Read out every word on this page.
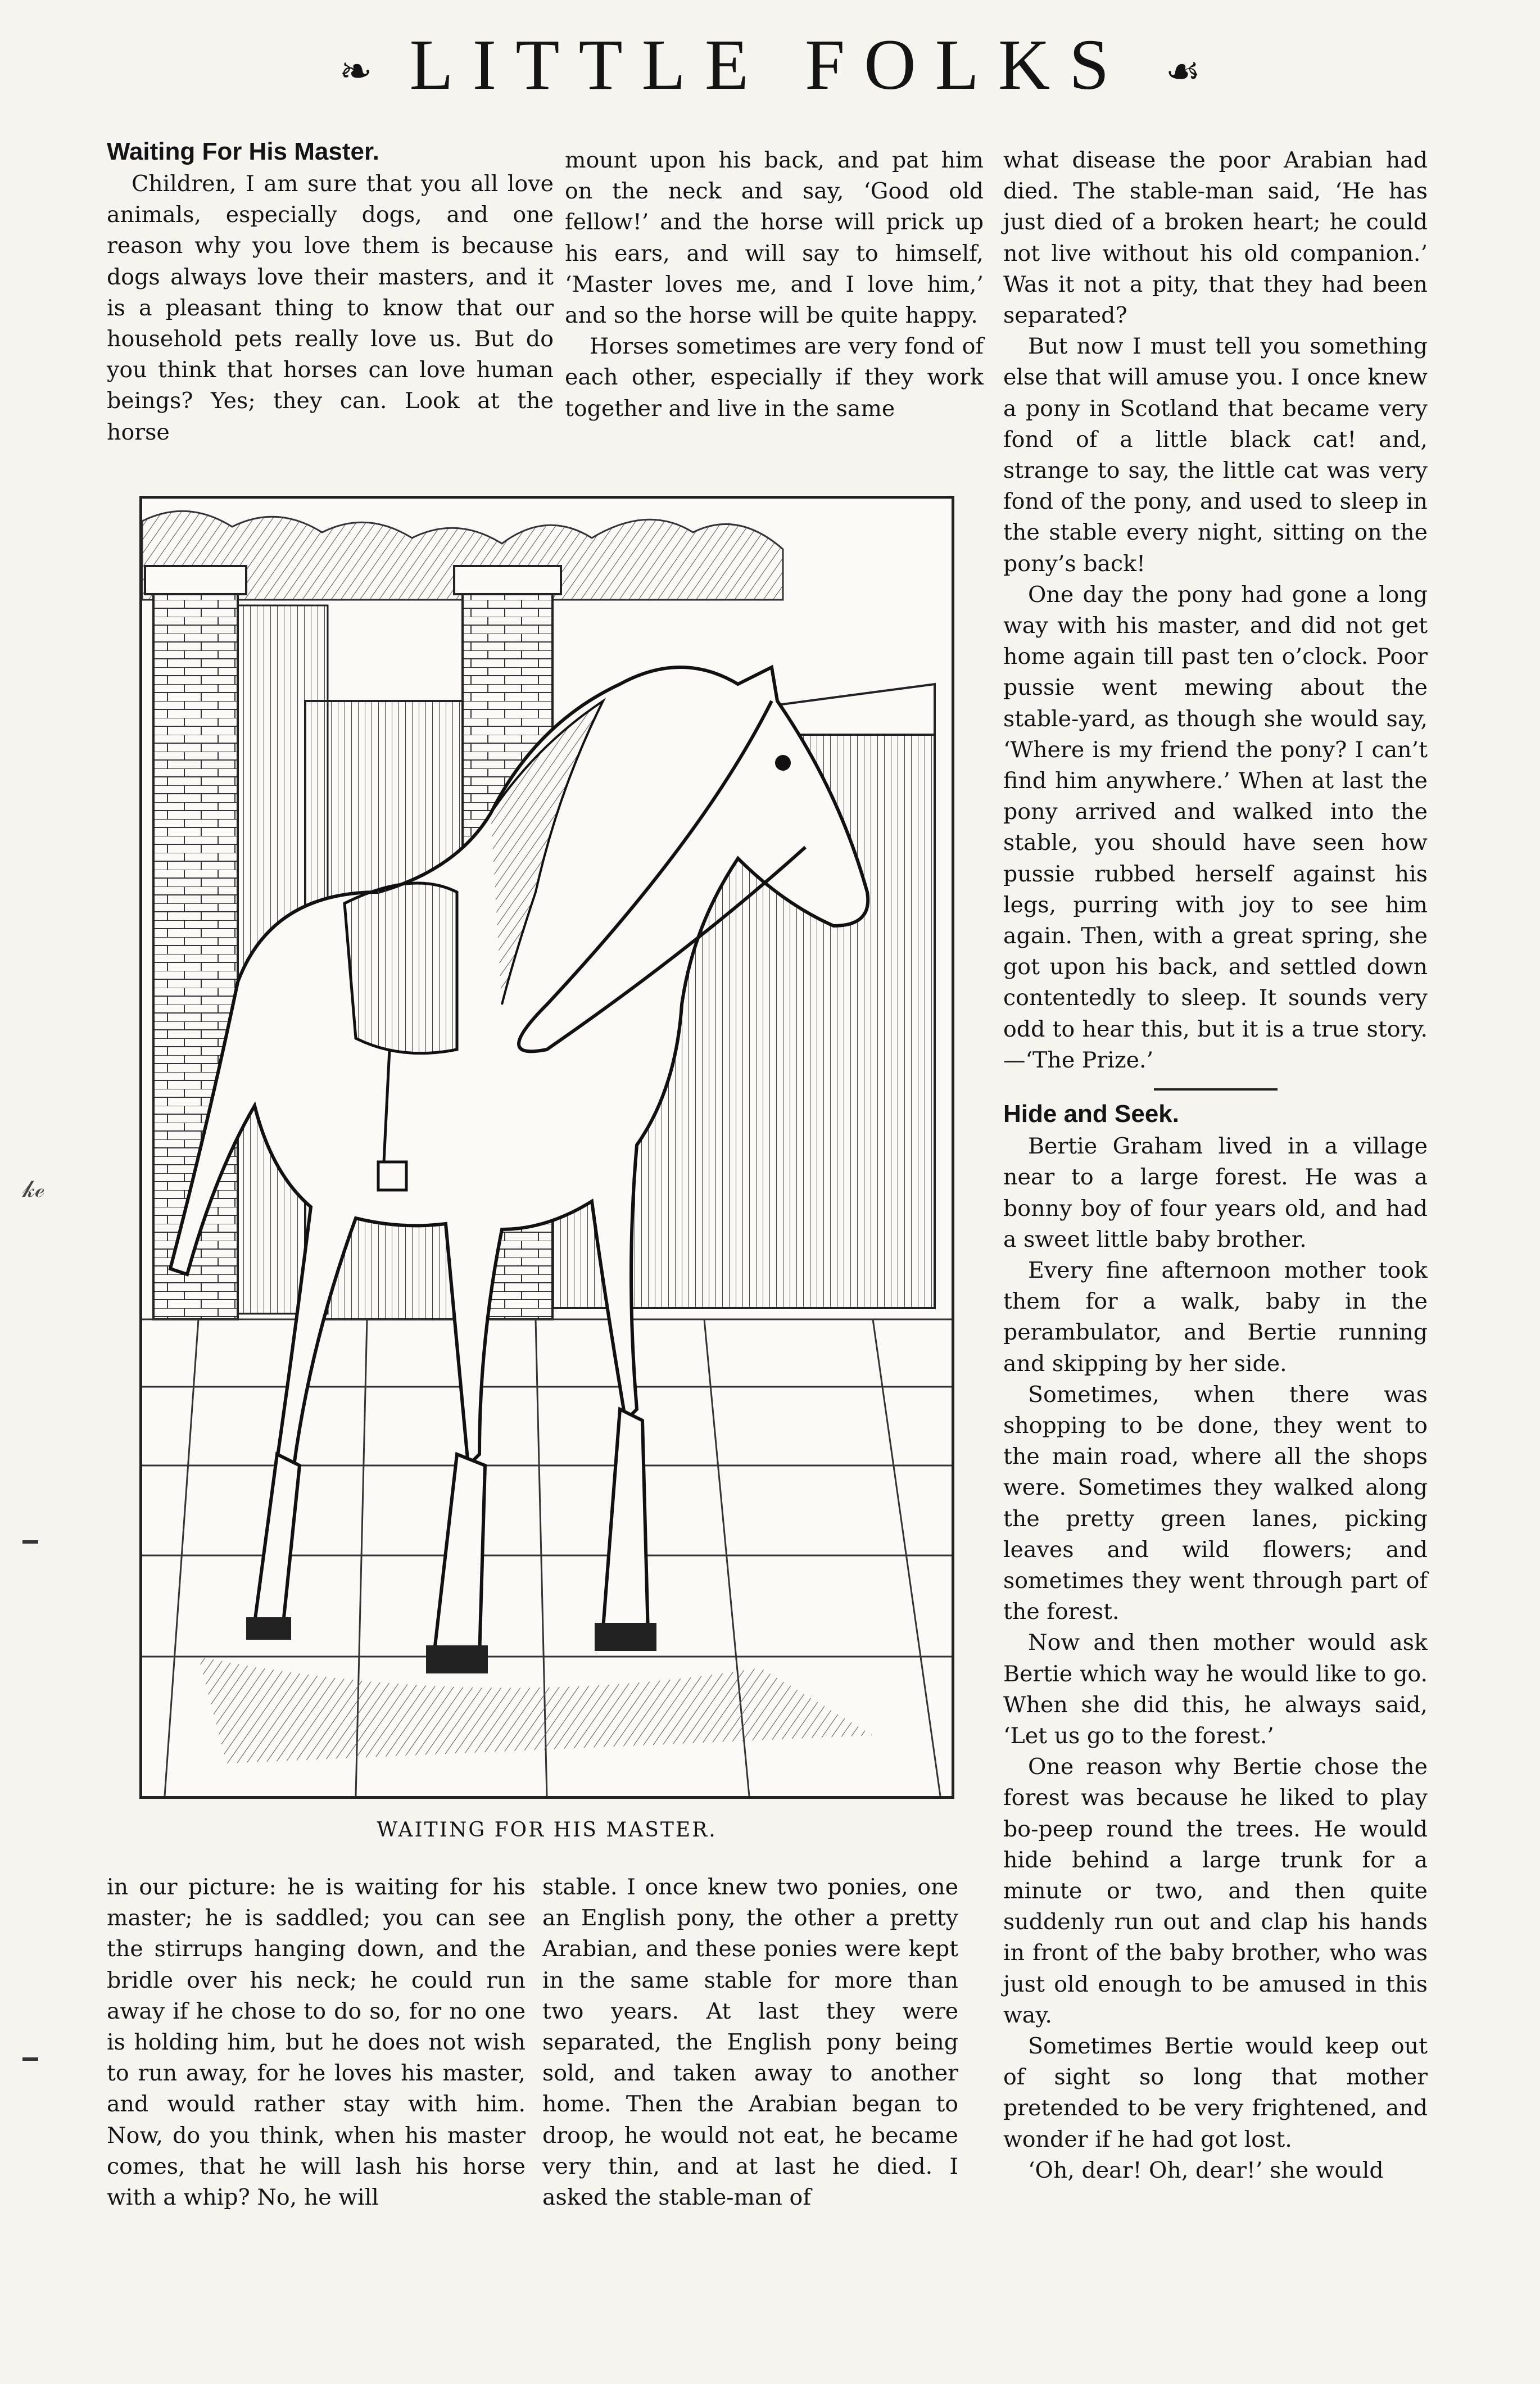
❧ LITTLE FOLKS ☙

Waiting For His Master.

Children, I am sure that you all love animals, especially dogs, and one reason why you love them is because dogs always love their masters, and it is a pleasant thing to know that our household pets really love us. But do you think that horses can love human beings? Yes; they can. Look at the horse

mount upon his back, and pat him on the neck and say, ‘Good old fellow!’ and the horse will prick up his ears, and will say to himself, ‘Master loves me, and I love him,’ and so the horse will be quite happy.

Horses sometimes are very fond of each other, especially if they work together and live in the same

WAITING FOR HIS MASTER.

in our picture: he is waiting for his master; he is saddled; you can see the stirrups hanging down, and the bridle over his neck; he could run away if he chose to do so, for no one is holding him, but he does not wish to run away, for he loves his master, and would rather stay with him. Now, do you think, when his master comes, that he will lash his horse with a whip? No, he will

stable. I once knew two ponies, one an English pony, the other a pretty Arabian, and these ponies were kept in the same stable for more than two years. At last they were separated, the English pony being sold, and taken away to another home. Then the Arabian began to droop, he would not eat, he became very thin, and at last he died. I asked the stable-man of

what disease the poor Arabian had died. The stable-man said, ‘He has just died of a broken heart; he could not live without his old companion.’ Was it not a pity, that they had been separated?

But now I must tell you something else that will amuse you. I once knew a pony in Scotland that became very fond of a little black cat! and, strange to say, the little cat was very fond of the pony, and used to sleep in the stable every night, sitting on the pony’s back!

One day the pony had gone a long way with his master, and did not get home again till past ten o’clock. Poor pussie went mewing about the stable-yard, as though she would say, ‘Where is my friend the pony? I can’t find him anywhere.’ When at last the pony arrived and walked into the stable, you should have seen how pussie rubbed herself against his legs, purring with joy to see him again. Then, with a great spring, she got upon his back, and settled down contentedly to sleep. It sounds very odd to hear this, but it is a true story.—‘The Prize.’

Hide and Seek.

Bertie Graham lived in a village near to a large forest. He was a bonny boy of four years old, and had a sweet little baby brother.

Every fine afternoon mother took them for a walk, baby in the perambulator, and Bertie running and skipping by her side.

Sometimes, when there was shopping to be done, they went to the main road, where all the shops were. Sometimes they walked along the pretty green lanes, picking leaves and wild flowers; and sometimes they went through part of the forest.

Now and then mother would ask Bertie which way he would like to go. When she did this, he always said, ‘Let us go to the forest.’

One reason why Bertie chose the forest was because he liked to play bo-peep round the trees. He would hide behind a large trunk for a minute or two, and then quite suddenly run out and clap his hands in front of the baby brother, who was just old enough to be amused in this way.

Sometimes Bertie would keep out of sight so long that mother pretended to be very frightened, and wonder if he had got lost.

‘Oh, dear! Oh, dear!’ she would

𝓀ℯ
